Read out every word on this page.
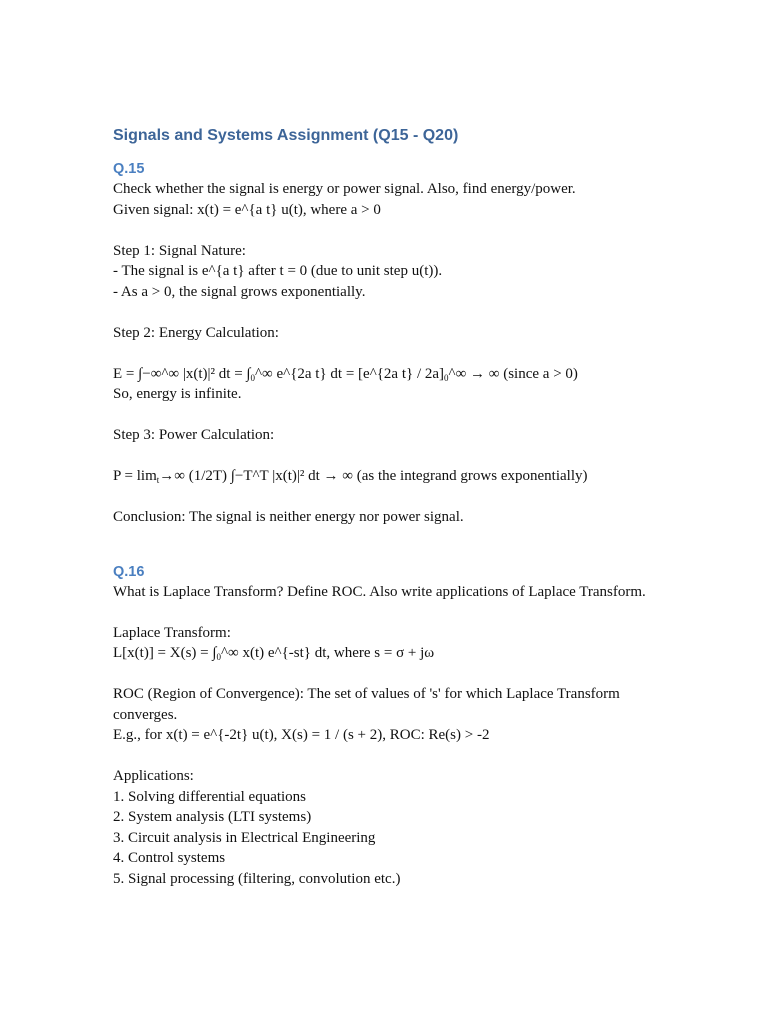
Signals and Systems Assignment (Q15 - Q20)
Q.15

Check whether the signal is energy or power signal. Also, find energy/power.

Given signal: x(t) = e^{a t} u(t), where a > 0

Step 1: Signal Nature:

- The signal is e^{a t} after t = 0 (due to unit step u(t)).

- As a > 0, the signal grows exponentially.

Step 2: Energy Calculation:

E = ∫−∞^∞ |x(t)|² dt = $\int_0\^{}\infty$ e^{2a t} dt = [e^{2a $t\} / 2a]_0\^{}\infty$ → ∞ (since a > 0)

So, energy is infinite.

Step 3: Power Calculation:

$P = \lim_t\to\infty$ (1/2T) ∫−T^T |x(t)|² dt → ∞ (as the integrand grows exponentially)

Conclusion: The signal is neither energy nor power signal.

Q.16

What is Laplace Transform? Define ROC. Also write applications of Laplace Transform.

Laplace Transform:

$L[x(t)] = X(s) = \int_0\^{}\infty$ x(t) e^{-st} dt, where s = σ + jω

ROC (Region of Convergence): The set of values of 's' for which Laplace Transform converges.

E.g., for x(t) = e^{-2t} u(t), X(s) = 1 / (s + 2), ROC: Re(s) > -2

Applications:

1. Solving differential equations

2. System analysis (LTI systems)

3. Circuit analysis in Electrical Engineering

4. Control systems

5. Signal processing (filtering, convolution etc.)
